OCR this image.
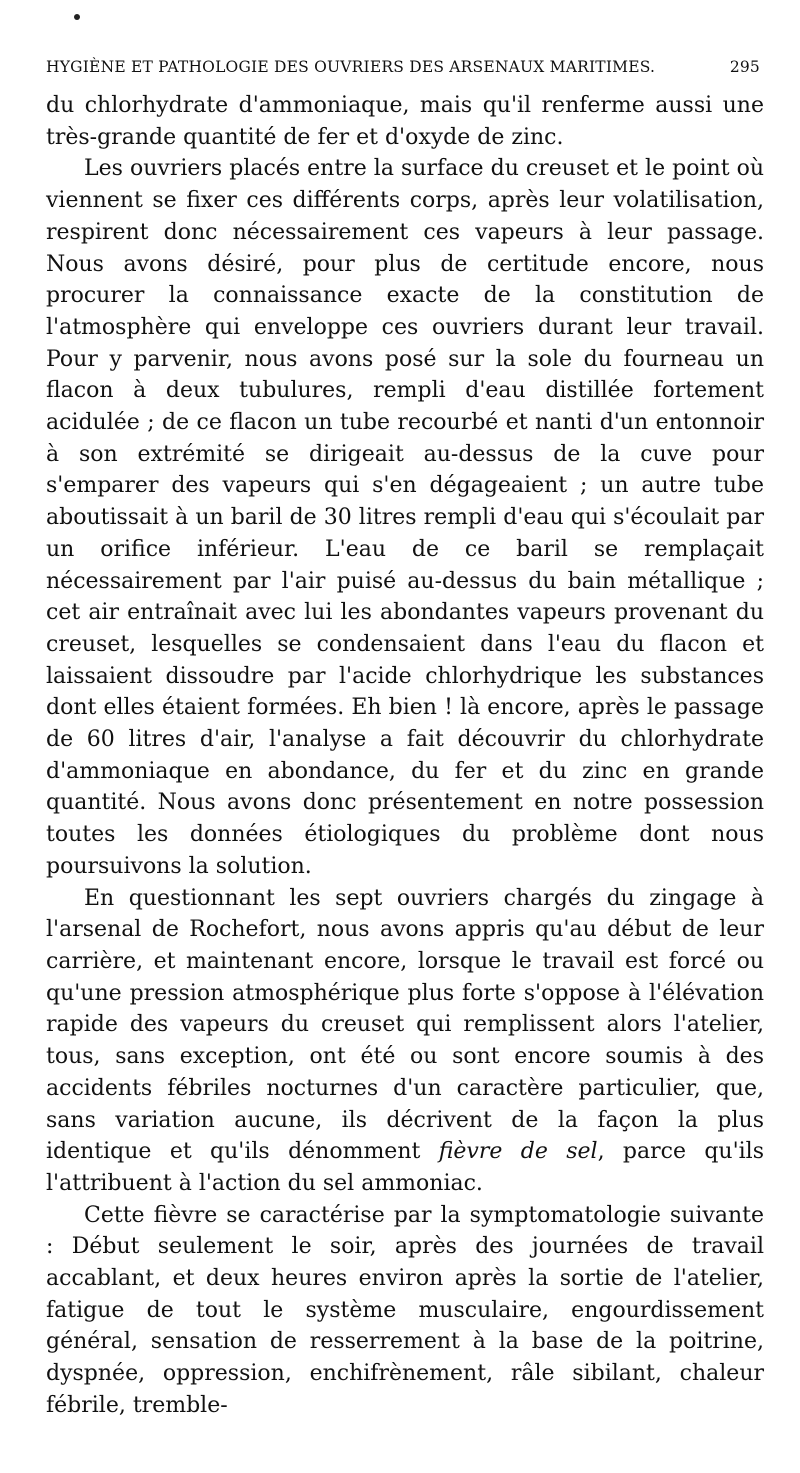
HYGIÈNE ET PATHOLOGIE DES OUVRIERS DES ARSENAUX MARITIMES.	295

du chlorhydrate d'ammoniaque, mais qu'il renferme aussi une très-grande quantité de fer et d'oxyde de zinc.

Les ouvriers placés entre la surface du creuset et le point où viennent se fixer ces différents corps, après leur volatilisation, respirent donc nécessairement ces vapeurs à leur passage. Nous avons désiré, pour plus de certitude encore, nous procurer la connaissance exacte de la constitution de l'atmosphère qui enveloppe ces ouvriers durant leur travail. Pour y parvenir, nous avons posé sur la sole du fourneau un flacon à deux tubulures, rempli d'eau distillée fortement acidulée ; de ce flacon un tube recourbé et nanti d'un entonnoir à son extrémité se dirigeait au-dessus de la cuve pour s'emparer des vapeurs qui s'en dégageaient ; un autre tube aboutissait à un baril de 30 litres rempli d'eau qui s'écoulait par un orifice inférieur. L'eau de ce baril se remplaçait nécessairement par l'air puisé au-dessus du bain métallique ; cet air entraînait avec lui les abondantes vapeurs provenant du creuset, lesquelles se condensaient dans l'eau du flacon et laissaient dissoudre par l'acide chlorhydrique les substances dont elles étaient formées. Eh bien ! là encore, après le passage de 60 litres d'air, l'analyse a fait découvrir du chlorhydrate d'ammoniaque en abondance, du fer et du zinc en grande quantité. Nous avons donc présentement en notre possession toutes les données étiologiques du problème dont nous poursuivons la solution.

En questionnant les sept ouvriers chargés du zingage à l'arsenal de Rochefort, nous avons appris qu'au début de leur carrière, et maintenant encore, lorsque le travail est forcé ou qu'une pression atmosphérique plus forte s'oppose à l'élévation rapide des vapeurs du creuset qui remplissent alors l'atelier, tous, sans exception, ont été ou sont encore soumis à des accidents fébriles nocturnes d'un caractère particulier, que, sans variation aucune, ils décrivent de la façon la plus identique et qu'ils dénomment fièvre de sel, parce qu'ils l'attribuent à l'action du sel ammoniac.

Cette fièvre se caractérise par la symptomatologie suivante : Début seulement le soir, après des journées de travail accablant, et deux heures environ après la sortie de l'atelier, fatigue de tout le système musculaire, engourdissement général, sensation de resserrement à la base de la poitrine, dyspnée, oppression, enchifrènement, râle sibilant, chaleur fébrile, tremble-
